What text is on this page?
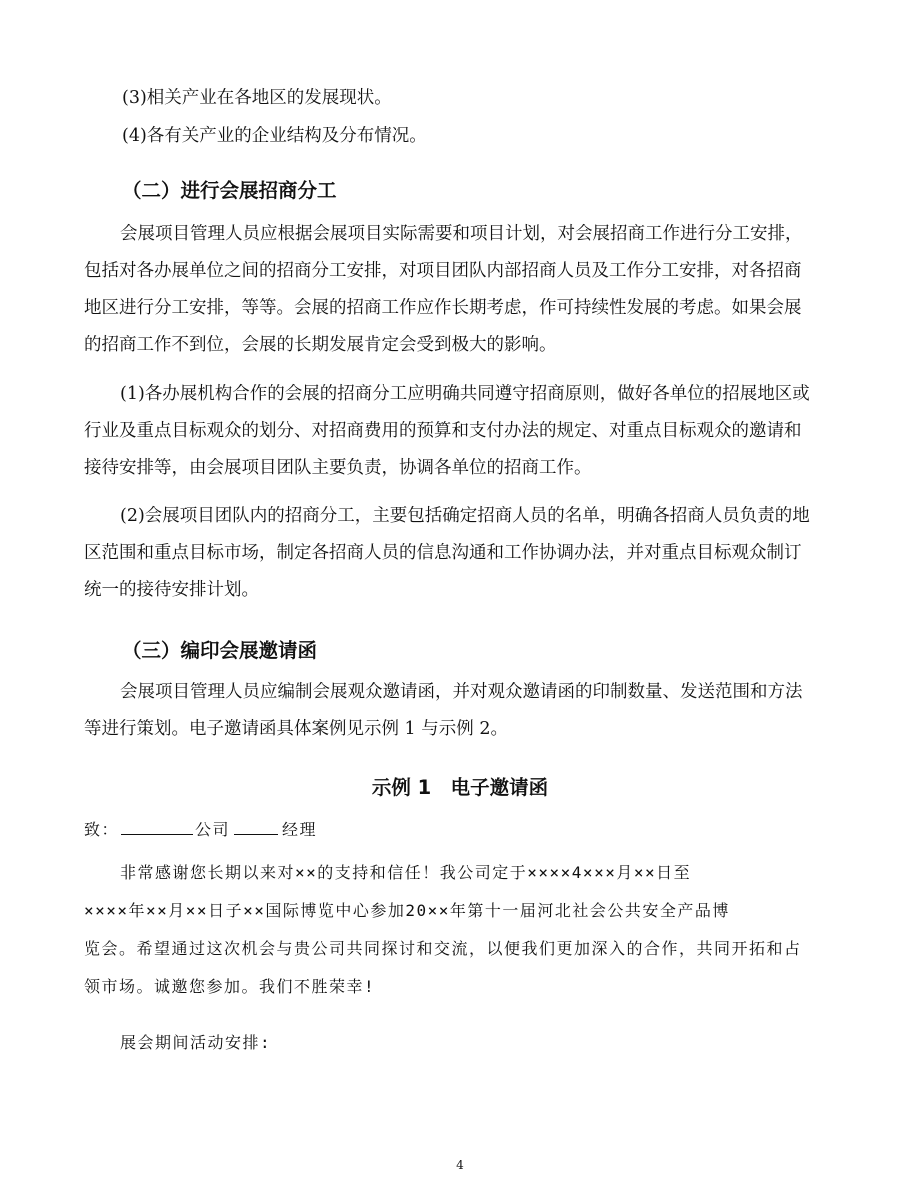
(3)相关产业在各地区的发展现状。
(4)各有关产业的企业结构及分布情况。
（二）进行会展招商分工
会展项目管理人员应根据会展项目实际需要和项目计划，对会展招商工作进行分工安排，
包括对各办展单位之间的招商分工安排，对项目团队内部招商人员及工作分工安排，对各招商
地区进行分工安排，等等。会展的招商工作应作长期考虑，作可持续性发展的考虑。如果会展
的招商工作不到位，会展的长期发展肯定会受到极大的影响。
(1)各办展机构合作的会展的招商分工应明确共同遵守招商原则，做好各单位的招展地区或
行业及重点目标观众的划分、对招商费用的预算和支付办法的规定、对重点目标观众的邀请和
接待安排等，由会展项目团队主要负责，协调各单位的招商工作。
(2)会展项目团队内的招商分工，主要包括确定招商人员的名单，明确各招商人员负责的地
区范围和重点目标市场，制定各招商人员的信息沟通和工作协调办法，并对重点目标观众制订
统一的接待安排计划。
（三）编印会展邀请函
会展项目管理人员应编制会展观众邀请函，并对观众邀请函的印制数量、发送范围和方法
等进行策划。电子邀请函具体案例见示例 1 与示例 2。
示例 1　电子邀请函
致：	公司	经理
非常感谢您长期以来对××的支持和信任！我公司定于××××4×××月××日至
××××年××月××日子××国际博览中心参加20××年第十一届河北社会公共安全产品博
览会。希望通过这次机会与贵公司共同探讨和交流，以便我们更加深入的合作，共同开拓和占
领市场。诚邀您参加。我们不胜荣幸!
展会期间活动安排:
4
